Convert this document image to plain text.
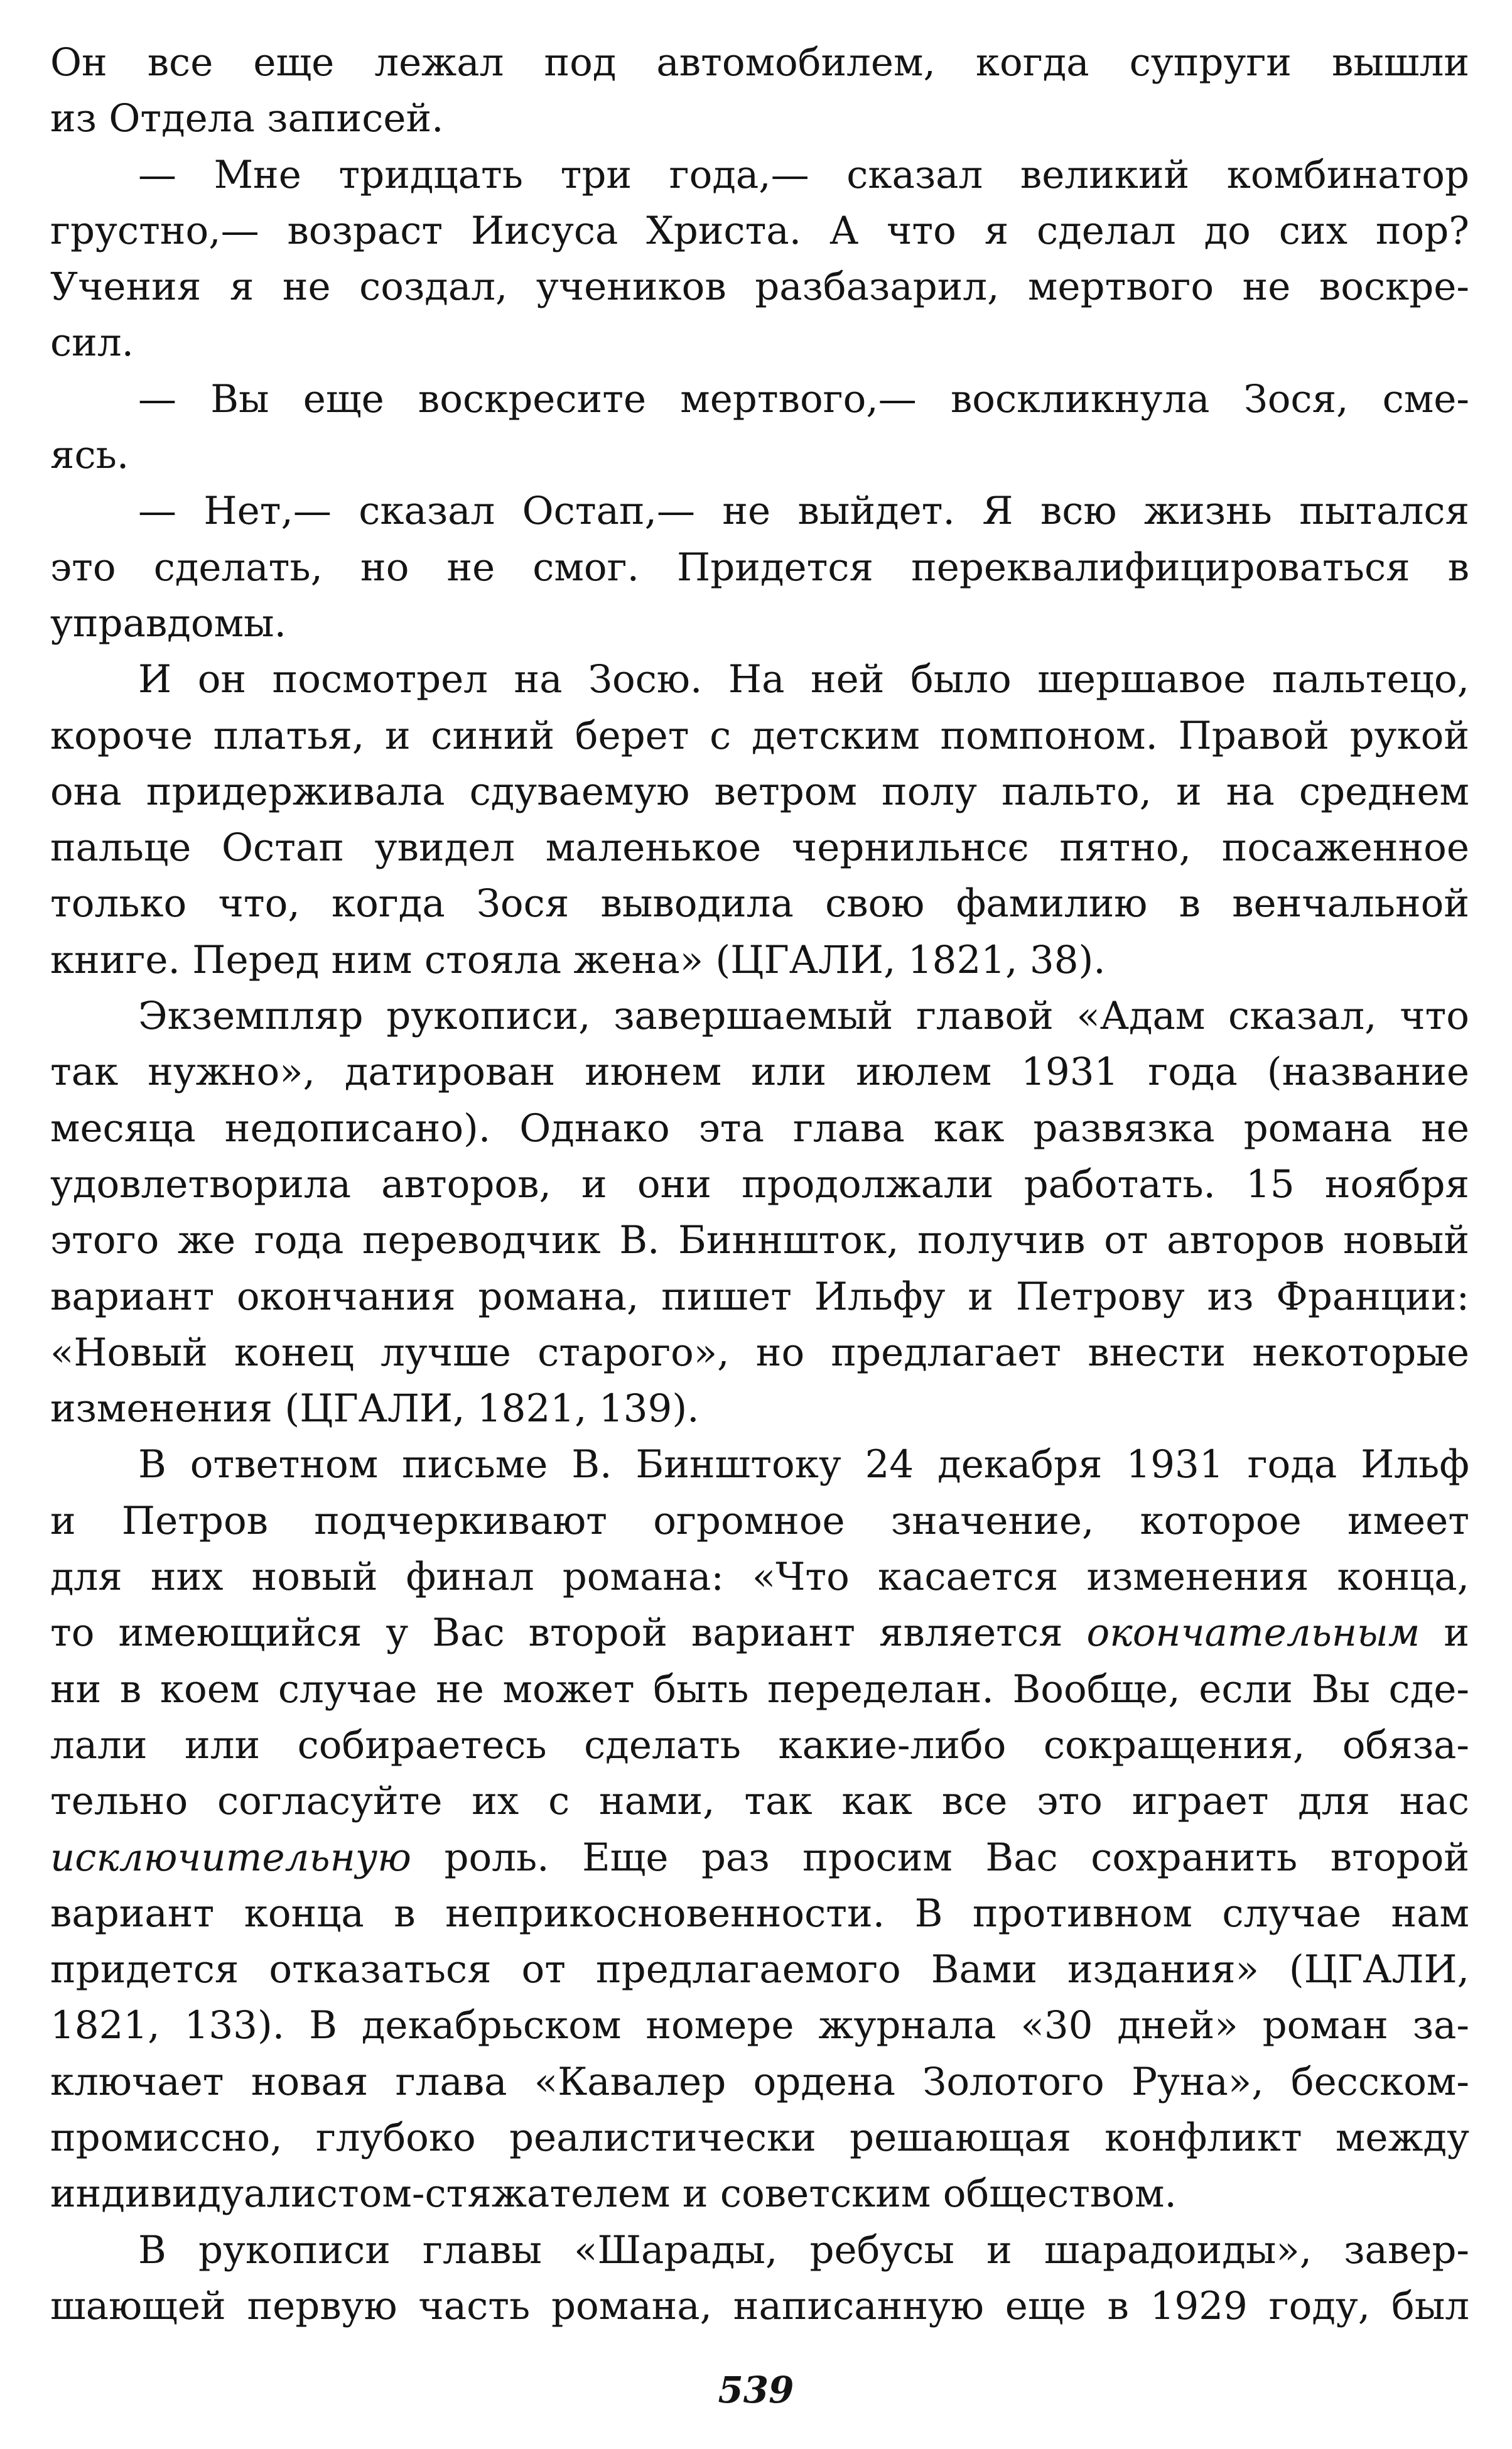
Он все еще лежал под автомобилем, когда супруги вышли
из Отдела записей.
— Мне тридцать три года,— сказал великий комбинатор
грустно,— возраст Иисуса Христа. А что я сделал до сих пор?
Учения я не создал, учеников разбазарил, мертвого не воскре-
сил.
— Вы еще воскресите мертвого,— воскликнула Зося, сме-
ясь.
— Нет,— сказал Остап,— не выйдет. Я всю жизнь пытался
это сделать, но не смог. Придется переквалифицироваться в
управдомы.
И он посмотрел на Зосю. На ней было шершавое пальтецо,
короче платья, и синий берет с детским помпоном. Правой рукой
она придерживала сдуваемую ветром полу пальто, и на среднем
пальце Остап увидел маленькое чернильнсє пятно, посаженное
только что, когда Зося выводила свою фамилию в венчальной
книге. Перед ним стояла жена» (ЦГАЛИ, 1821, 38).
Экземпляр рукописи, завершаемый главой «Адам сказал, что
так нужно», датирован июнем или июлем 1931 года (название
месяца недописано). Однако эта глава как развязка романа не
удовлетворила авторов, и они продолжали работать. 15 ноября
этого же года переводчик В. Бинншток, получив от авторов новый
вариант окончания романа, пишет Ильфу и Петрову из Франции:
«Новый конец лучше старого», но предлагает внести некоторые
изменения (ЦГАЛИ, 1821, 139).
В ответном письме В. Бинштоку 24 декабря 1931 года Ильф
и Петров подчеркивают огромное значение, которое имеет
для них новый финал романа: «Что касается изменения конца,
то имеющийся у Вас второй вариант является окончательным и
ни в коем случае не может быть переделан. Вообще, если Вы сде-
лали или собираетесь сделать какие-либо сокращения, обяза-
тельно согласуйте их с нами, так как все это играет для нас
исключительную роль. Еще раз просим Вас сохранить второй
вариант конца в неприкосновенности. В противном случае нам
придется отказаться от предлагаемого Вами издания» (ЦГАЛИ,
1821, 133). В декабрьском номере журнала «30 дней» роман за-
ключает новая глава «Кавалер ордена Золотого Руна», бесском-
промиссно, глубоко реалистически решающая конфликт между
индивидуалистом-стяжателем и советским обществом.
В рукописи главы «Шарады, ребусы и шарадоиды», завер-
шающей первую часть романа, написанную еще в 1929 году, был
539
